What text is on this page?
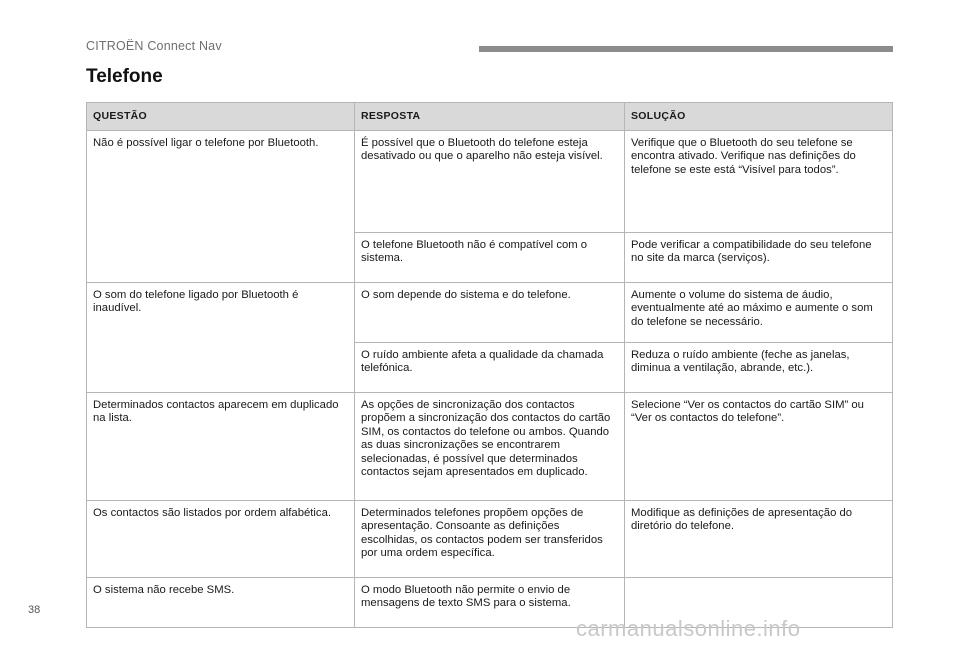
CITROËN Connect Nav
Telefone
QUESTÃO	RESPOSTA	SOLUÇÃO
Não é possível ligar o telefone por Bluetooth.	É possível que o Bluetooth do telefone esteja desativado ou que o aparelho não esteja visível.	Verifique que o Bluetooth do seu telefone se encontra ativado. Verifique nas definições do telefone se este está “Visível para todos”.
	O telefone Bluetooth não é compatível com o sistema.	Pode verificar a compatibilidade do seu telefone no site da marca (serviços).
O som do telefone ligado por Bluetooth é inaudível.	O som depende do sistema e do telefone.	Aumente o volume do sistema de áudio, eventualmente até ao máximo e aumente o som do telefone se necessário.
	O ruído ambiente afeta a qualidade da chamada telefónica.	Reduza o ruído ambiente (feche as janelas, diminua a ventilação, abrande, etc.).
Determinados contactos aparecem em duplicado na lista.	As opções de sincronização dos contactos propõem a sincronização dos contactos do cartão SIM, os contactos do telefone ou ambos. Quando as duas sincronizações se encontrarem selecionadas, é possível que determinados contactos sejam apresentados em duplicado.	Selecione “Ver os contactos do cartão SIM” ou “Ver os contactos do telefone”.
Os contactos são listados por ordem alfabética.	Determinados telefones propõem opções de apresentação. Consoante as definições escolhidas, os contactos podem ser transferidos por uma ordem específica.	Modifique as definições de apresentação do diretório do telefone.
O sistema não recebe SMS.	O modo Bluetooth não permite o envio de mensagens de texto SMS para o sistema.	
38
carmanualsonline.info
